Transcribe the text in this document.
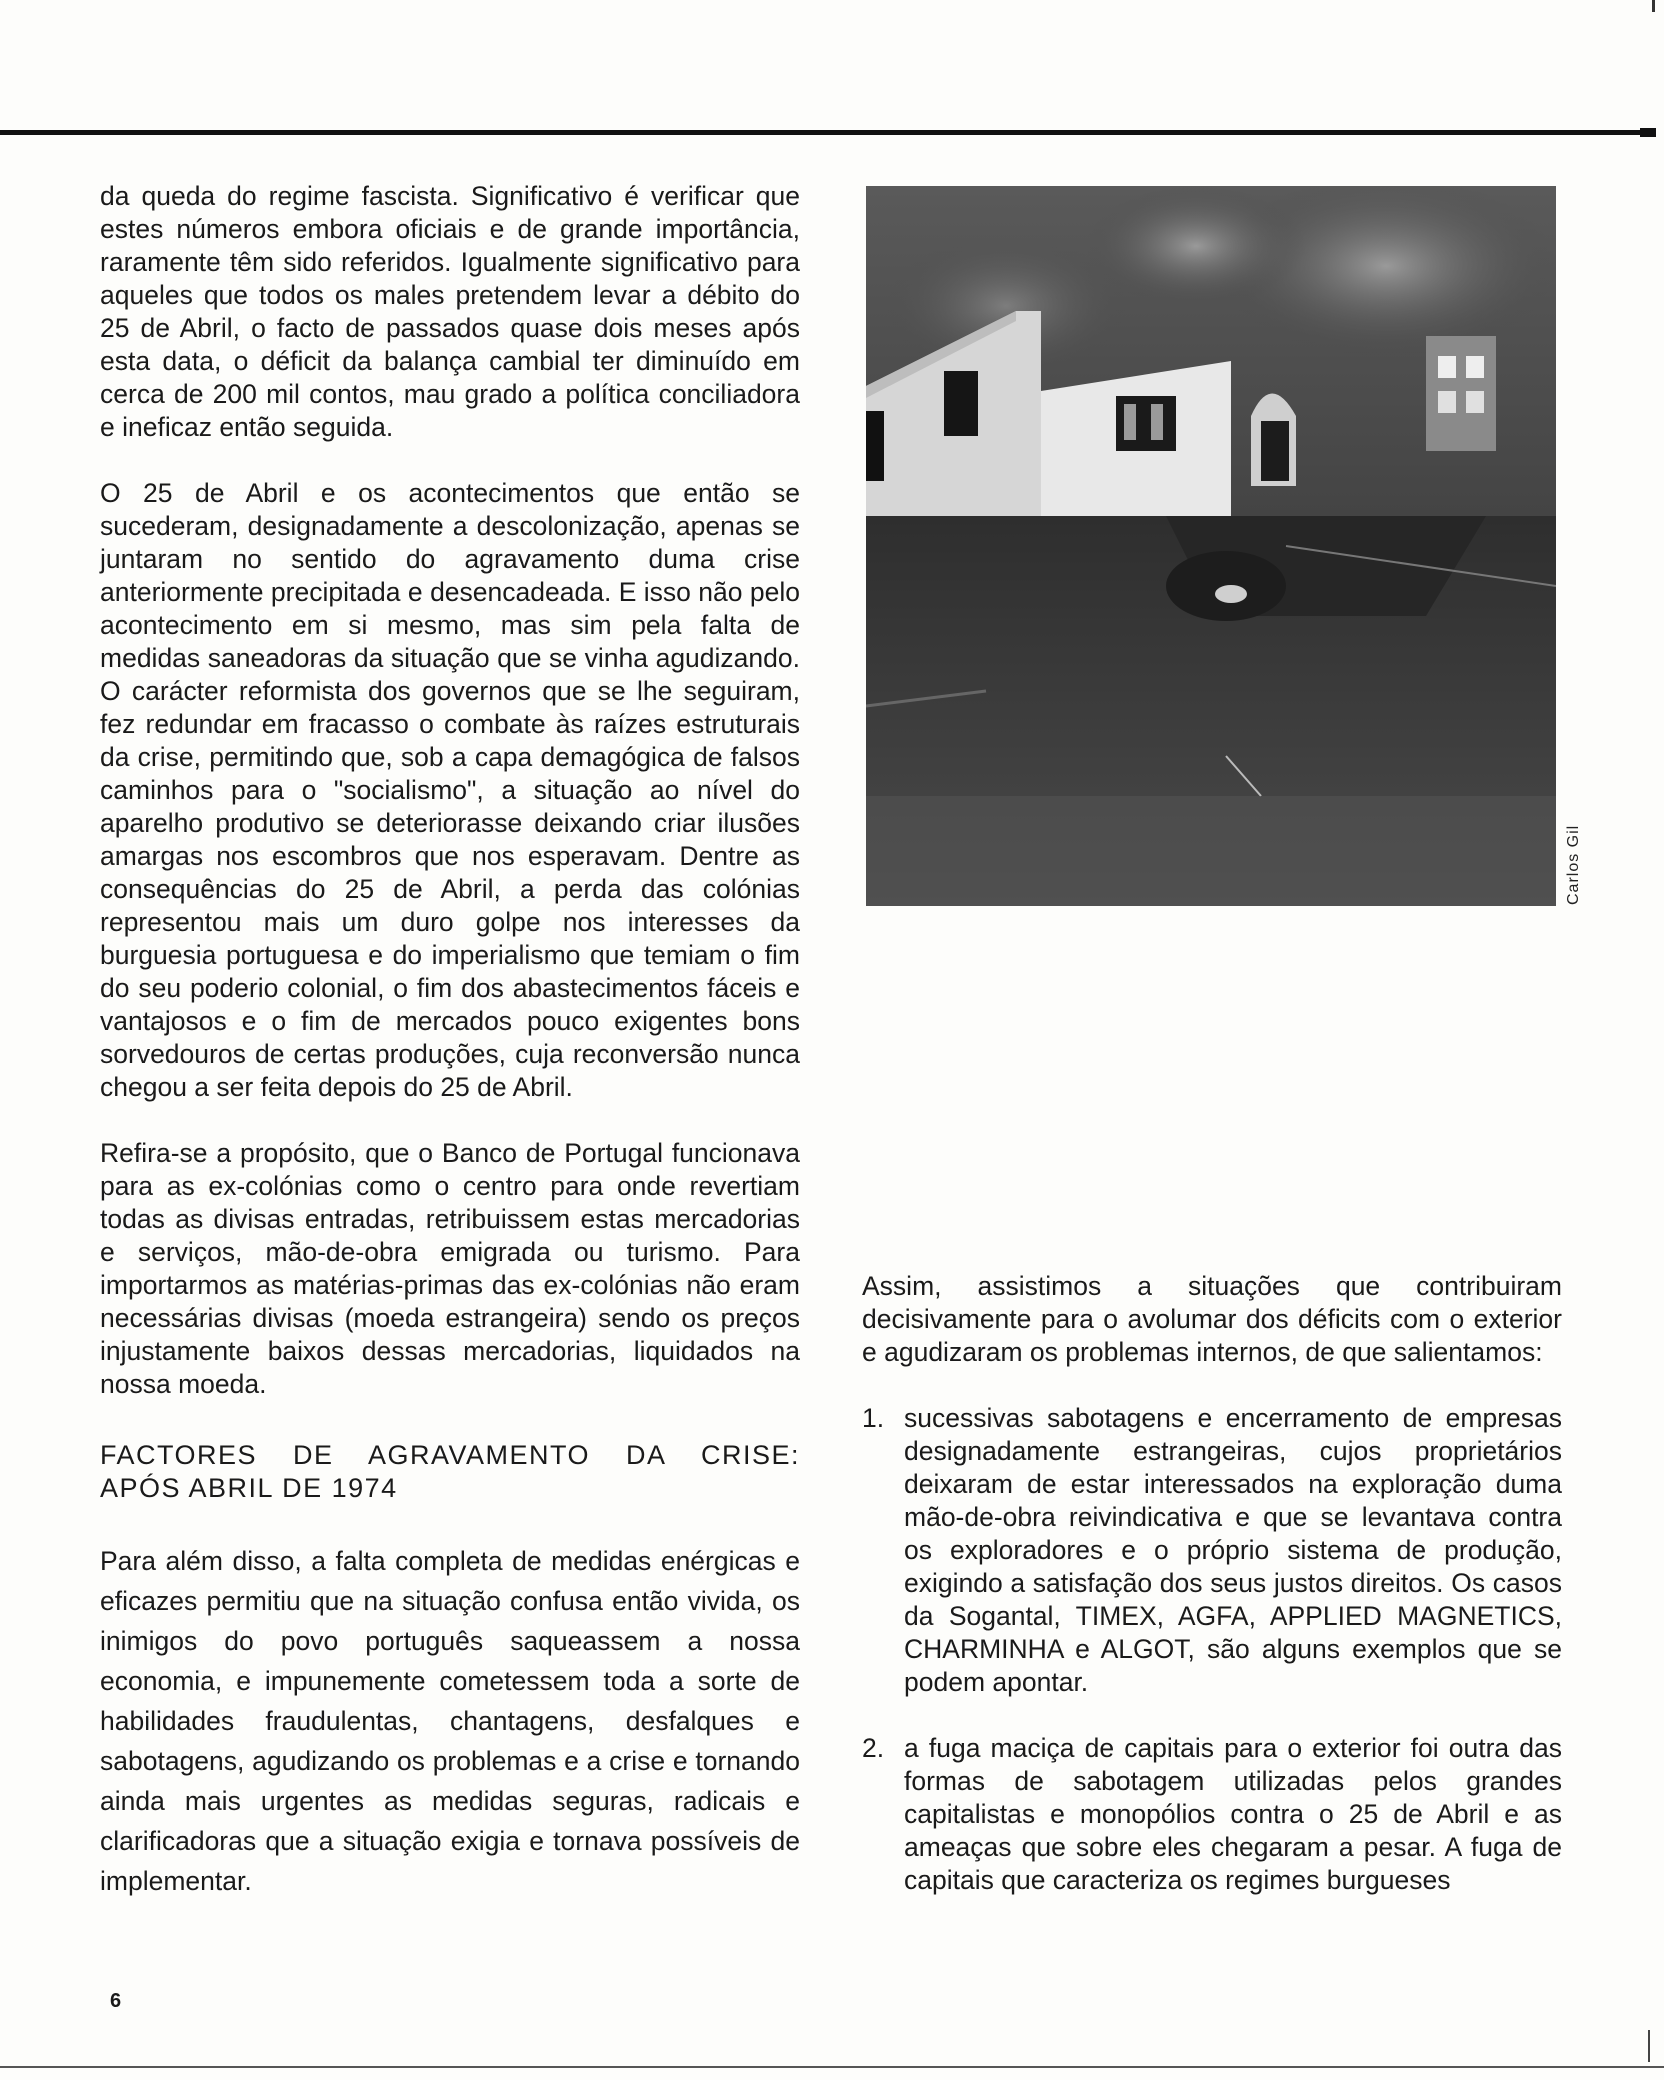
da queda do regime fascista. Significativo é verificar que estes números embora oficiais e de grande importância, raramente têm sido referidos. Igualmente significativo para aqueles que todos os males pretendem levar a débito do 25 de Abril, o facto de passados quase dois meses após esta data, o déficit da balança cambial ter diminuído em cerca de 200 mil contos, mau grado a política conciliadora e ineficaz então seguida.

O 25 de Abril e os acontecimentos que então se sucederam, designadamente a descolonização, apenas se juntaram no sentido do agravamento duma crise anteriormente precipitada e desencadeada. E isso não pelo acontecimento em si mesmo, mas sim pela falta de medidas saneadoras da situação que se vinha agudizando. O carácter reformista dos governos que se lhe seguiram, fez redundar em fracasso o combate às raízes estruturais da crise, permitindo que, sob a capa demagógica de falsos caminhos para o "socialismo", a situação ao nível do aparelho produtivo se deteriorasse deixando criar ilusões amargas nos escombros que nos esperavam. Dentre as consequências do 25 de Abril, a perda das colónias representou mais um duro golpe nos interesses da burguesia portuguesa e do imperialismo que temiam o fim do seu poderio colonial, o fim dos abastecimentos fáceis e vantajosos e o fim de mercados pouco exigentes bons sorvedouros de certas produções, cuja reconversão nunca chegou a ser feita depois do 25 de Abril.

Refira-se a propósito, que o Banco de Portugal funcionava para as ex-colónias como o centro para onde revertiam todas as divisas entradas, retribuissem estas mercadorias e serviços, mão-de-obra emigrada ou turismo. Para importarmos as matérias-primas das ex-colónias não eram necessárias divisas (moeda estrangeira) sendo os preços injustamente baixos dessas mercadorias, liquidados na nossa moeda.

FACTORES DE AGRAVAMENTO DA CRISE:
APÓS ABRIL DE 1974

Para além disso, a falta completa de medidas enérgicas e eficazes permitiu que na situação confusa então vivida, os inimigos do povo português saqueassem a nossa economia, e impunemente cometessem toda a sorte de habilidades fraudulentas, chantagens, desfalques e sabotagens, agudizando os problemas e a crise e tornando ainda mais urgentes as medidas seguras, radicais e clarificadoras que a situação exigia e tornava possíveis de implementar.

Carlos Gil

Assim, assistimos a situações que contribuiram decisivamente para o avolumar dos déficits com o exterior e agudizaram os problemas internos, de que salientamos:

1. sucessivas sabotagens e encerramento de empresas designadamente estrangeiras, cujos proprietários deixaram de estar interessados na exploração duma mão-de-obra reivindicativa e que se levantava contra os exploradores e o próprio sistema de produção, exigindo a satisfação dos seus justos direitos. Os casos da Sogantal, TIMEX, AGFA, APPLIED MAGNETICS, CHARMINHA e ALGOT, são alguns exemplos que se podem apontar.
2. a fuga maciça de capitais para o exterior foi outra das formas de sabotagem utilizadas pelos grandes capitalistas e monopólios contra o 25 de Abril e as ameaças que sobre eles chegaram a pesar. A fuga de capitais que caracteriza os regimes burgueses
6
